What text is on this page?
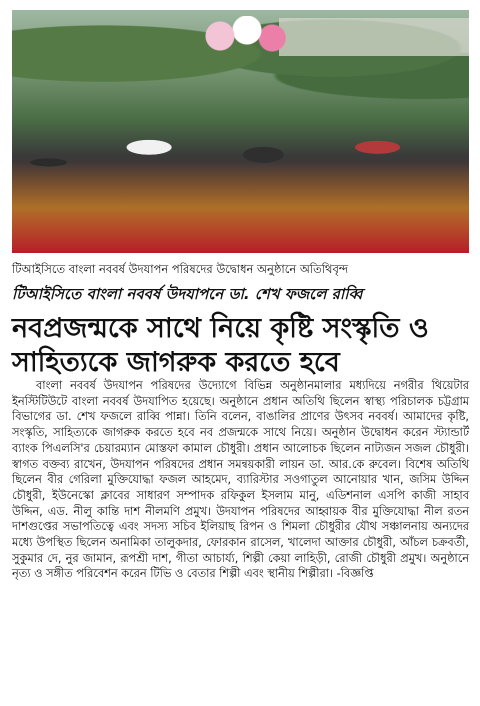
টিআইসিতে বাংলা নববর্ষ উদযাপন পরিষদের উদ্বোধন অনুষ্ঠানে অতিথিবৃন্দ
টিআইসিতে বাংলা নববর্ষ উদযাপনে ডা. শেখ ফজলে রাব্বি
নবপ্রজন্মকে সাথে নিয়ে কৃষ্টি সংস্কৃতি ও সাহিত্যকে জাগরুক করতে হবে

বাংলা নববর্ষ উদযাপন পরিষদের উদ্যোগে বিভিন্ন অনুষ্ঠানমালার মধ্যদিয়ে নগরীর থিয়েটার ইনস্টিটিউটে বাংলা নববর্ষ উদযাপিত হয়েছে। অনুষ্ঠানে প্রধান অতিথি ছিলেন স্বাস্থ্য পরিচালক চট্টগ্রাম বিভাগের ডা. শেখ ফজলে রাব্বি পান্না। তিনি বলেন, বাঙালির প্রাণের উৎসব নববর্ষ। আমাদের কৃষ্টি, সংস্কৃতি, সাহিত্যকে জাগরুক করতে হবে নব প্রজন্মকে সাথে নিয়ে। অনুষ্ঠান উদ্বোধন করেন স্ট্যান্ডার্ট ব্যাংক পিএলসি'র চেয়ারম্যান মোস্তফা কামাল চৌধুরী। প্রধান আলোচক ছিলেন নাট্যজন সজল চৌধুরী। স্বাগত বক্তব্য রাখেন, উদযাপন পরিষদের প্রধান সমন্বয়কারী লায়ন ডা. আর.কে রুবেল। বিশেষ অতিথি ছিলেন বীর গেরিলা মুক্তিযোদ্ধা ফজল আহমেদ, ব্যারিস্টার সওগাতুল আনোয়ার খান, জসিম উদ্দিন চৌধুরী, ইউনেস্কো ক্লাবের সাধারণ সম্পাদক রফিকুল ইসলাম মানু, এডিশনাল এসপি কাজী সাহাব উদ্দিন, এড. নীলু কান্তি দাশ নীলমণি প্রমুখ। উদযাপন পরিষদের আহ্বায়ক বীর মুক্তিযোদ্ধা নীল রতন দাশগুপ্তের সভাপতিত্বে এবং সদস্য সচিব ইলিয়াছ রিপন ও শিমলা চৌধুরীর যৌথ সঞ্চালনায় অন্যদের মধ্যে উপস্থিত ছিলেন অনামিকা তালুকদার, ফোরকান রাসেল, খালেদা আক্তার চৌধুরী, আঁচল চক্রবর্তী, সুকুমার দে, নুর জামান, রূপশ্রী দাশ, গীতা আচার্য্য, শিল্পী কেয়া লাহিড়ী, রোজী চৌধুরী প্রমুখ। অনুষ্ঠানে নৃত্য ও সঙ্গীত পরিবেশন করেন টিভি ও বেতার শিল্পী এবং স্থানীয় শিল্পীরা। -বিজ্ঞপ্তি
